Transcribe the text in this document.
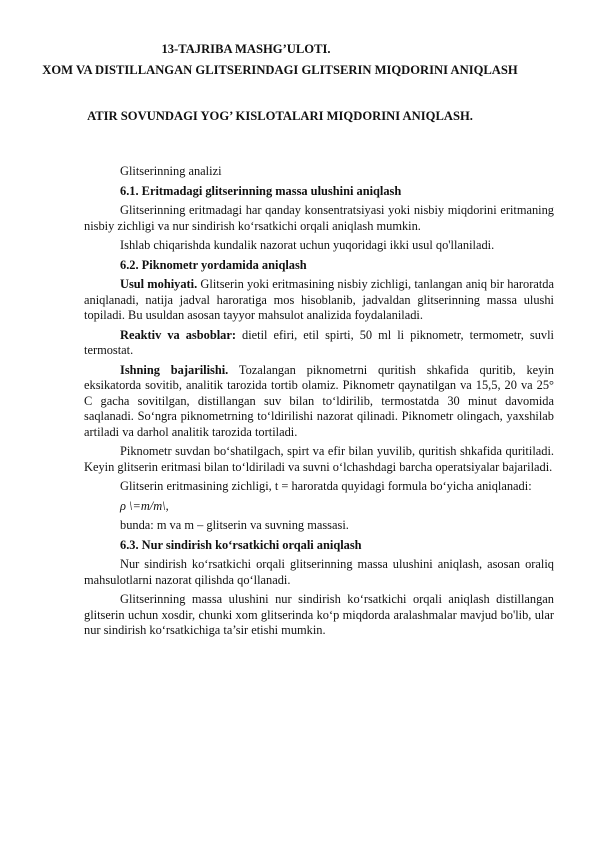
13-TAJRIBA MASHG’ULOTI.
XOM VA DISTILLANGAN GLITSERINDAGI GLITSERIN MIQDORINI ANIQLASH
ATIR SOVUNDAGI YOG’ KISLOTALARI MIQDORINI ANIQLASH.

Glitserinning analizi

6.1. Eritmadagi glitserinning massa ulushini aniqlash

Glitserinning eritmadagi har qanday konsentratsiyasi yoki nisbiy miqdorini eritmaning nisbiy zichligi va nur sindirish ko‘rsatkichi orqali aniqlash mumkin.

Ishlab chiqarishda kundalik nazorat uchun yuqoridagi ikki usul qo'llaniladi.

6.2. Piknometr yordamida aniqlash

Usul mohiyati. Glitserin yoki eritmasining nisbiy zichligi, tanlangan aniq bir haroratda aniqlanadi, natija jadval haroratiga mos hisoblanib, jadvaldan glitserinning massa ulushi topiladi. Bu usuldan asosan tayyor mahsulot analizida foydalaniladi.

Reaktiv va asboblar: dietil efiri, etil spirti, 50 ml li piknometr, termometr, suvli termostat.

Ishning bajarilishi. Tozalangan piknometrni quritish shkafida quritib, keyin eksikatorda sovitib, analitik tarozida tortib olamiz. Piknometr qaynatilgan va 15,5, 20 va 25° C gacha sovitilgan, distillangan suv bilan to‘ldirilib, termostatda 30 minut davomida saqlanadi. So‘ngra piknometrning to‘ldirilishi nazorat qilinadi. Piknometr olingach, yaxshilab artiladi va darhol analitik tarozida tortiladi.

Piknometr suvdan bo‘shatilgach, spirt va efir bilan yuvilib, quritish shkafida quritiladi. Keyin glitserin eritmasi bilan to‘ldiriladi va suvni o‘lchashdagi barcha operatsiyalar bajariladi.

Glitserin eritmasining zichligi, t = haroratda quyidagi formula bo‘yicha aniqlanadi:

ρ \=m/m\,

bunda: m va m – glitserin va suvning massasi.

6.3. Nur sindirish ko‘rsatkichi orqali aniqlash

Nur sindirish ko‘rsatkichi orqali glitserinning massa ulushini aniqlash, asosan oraliq mahsulotlarni nazorat qilishda qo‘llanadi.

Glitserinning massa ulushini nur sindirish ko‘rsatkichi orqali aniqlash distillangan glitserin uchun xosdir, chunki xom glitserinda ko‘p miqdorda aralashmalar mavjud bo'lib, ular nur sindirish ko‘rsatkichiga ta’sir etishi mumkin.
